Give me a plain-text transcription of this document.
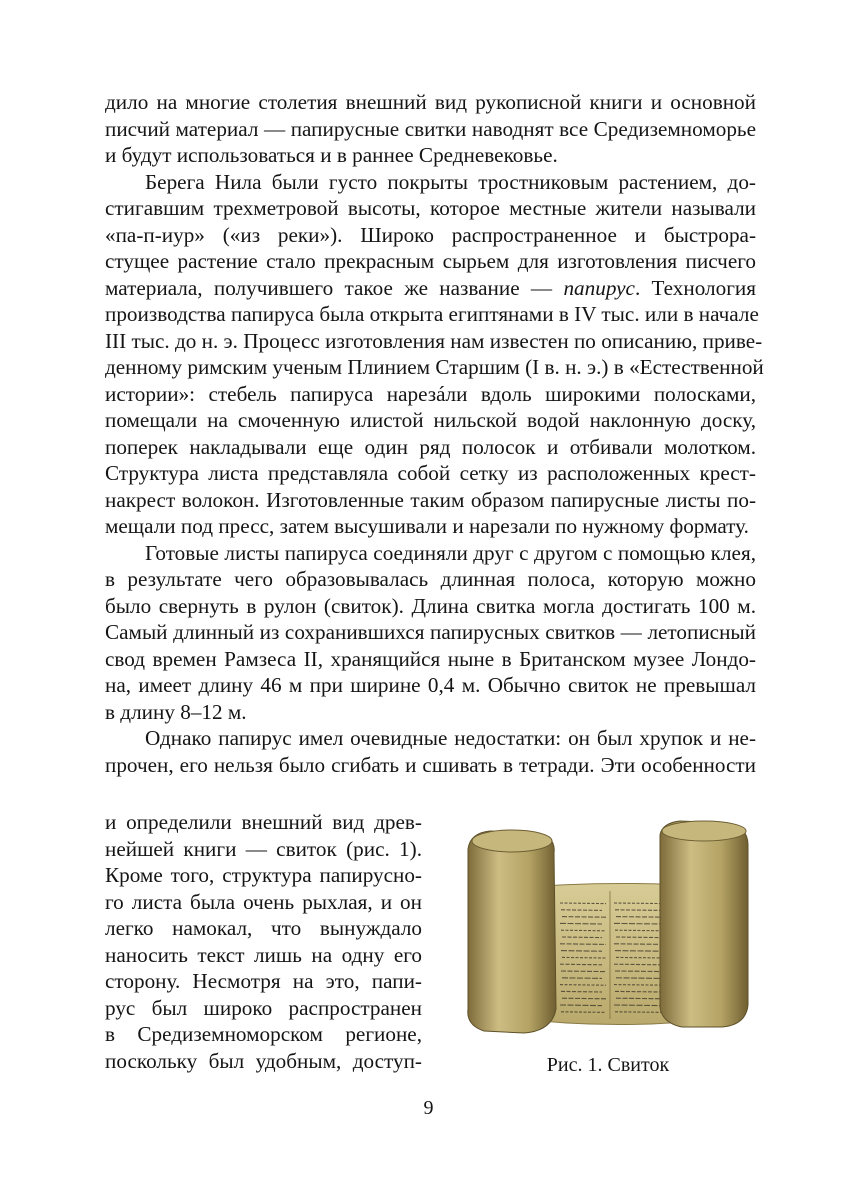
дило на многие столетия внешний вид рукописной книги и основной
писчий материал — папирусные свитки наводнят все Средиземноморье
и будут использоваться и в раннее Средневековье.
Берега Нила были густо покрыты тростниковым растением, до-
стигавшим трехметровой высоты, которое местные жители называли
«па-п-иур» («из реки»). Широко распространенное и быстрора-
стущее растение стало прекрасным сырьем для изготовления писчего
материала, получившего такое же название — папирус. Технология
производства папируса была открыта египтянами в IV тыс. или в начале
III тыс. до н. э. Процесс изготовления нам известен по описанию, приве-
денному римским ученым Плинием Старшим (I в. н. э.) в «Естественной
истории»: стебель папируса нарезáли вдоль широкими полосками,
помещали на смоченную илистой нильской водой наклонную доску,
поперек накладывали еще один ряд полосок и отбивали молотком.
Структура листа представляла собой сетку из расположенных крест-
накрест волокон. Изготовленные таким образом папирусные листы по-
мещали под пресс, затем высушивали и нарезали по нужному формату.
Готовые листы папируса соединяли друг с другом с помощью клея,
в результате чего образовывалась длинная полоса, которую можно
было свернуть в рулон (свиток). Длина свитка могла достигать 100 м.
Самый длинный из сохранившихся папирусных свитков — летописный
свод времен Рамзеса II, хранящийся ныне в Британском музее Лондо-
на, имеет длину 46 м при ширине 0,4 м. Обычно свиток не превышал
в длину 8–12 м.
Однако папирус имел очевидные недостатки: он был хрупок и не-
прочен, его нельзя было сгибать и сшивать в тетради. Эти особенности
и определили внешний вид древ-
нейшей книги — свиток (рис. 1).
Кроме того, структура папирусно-
го листа была очень рыхлая, и он
легко намокал, что вынуждало
наносить текст лишь на одну его
сторону. Несмотря на это, папи-
рус был широко распространен
в Средиземноморском регионе,
поскольку был удобным, доступ-	Рис. 1. Свиток
9
